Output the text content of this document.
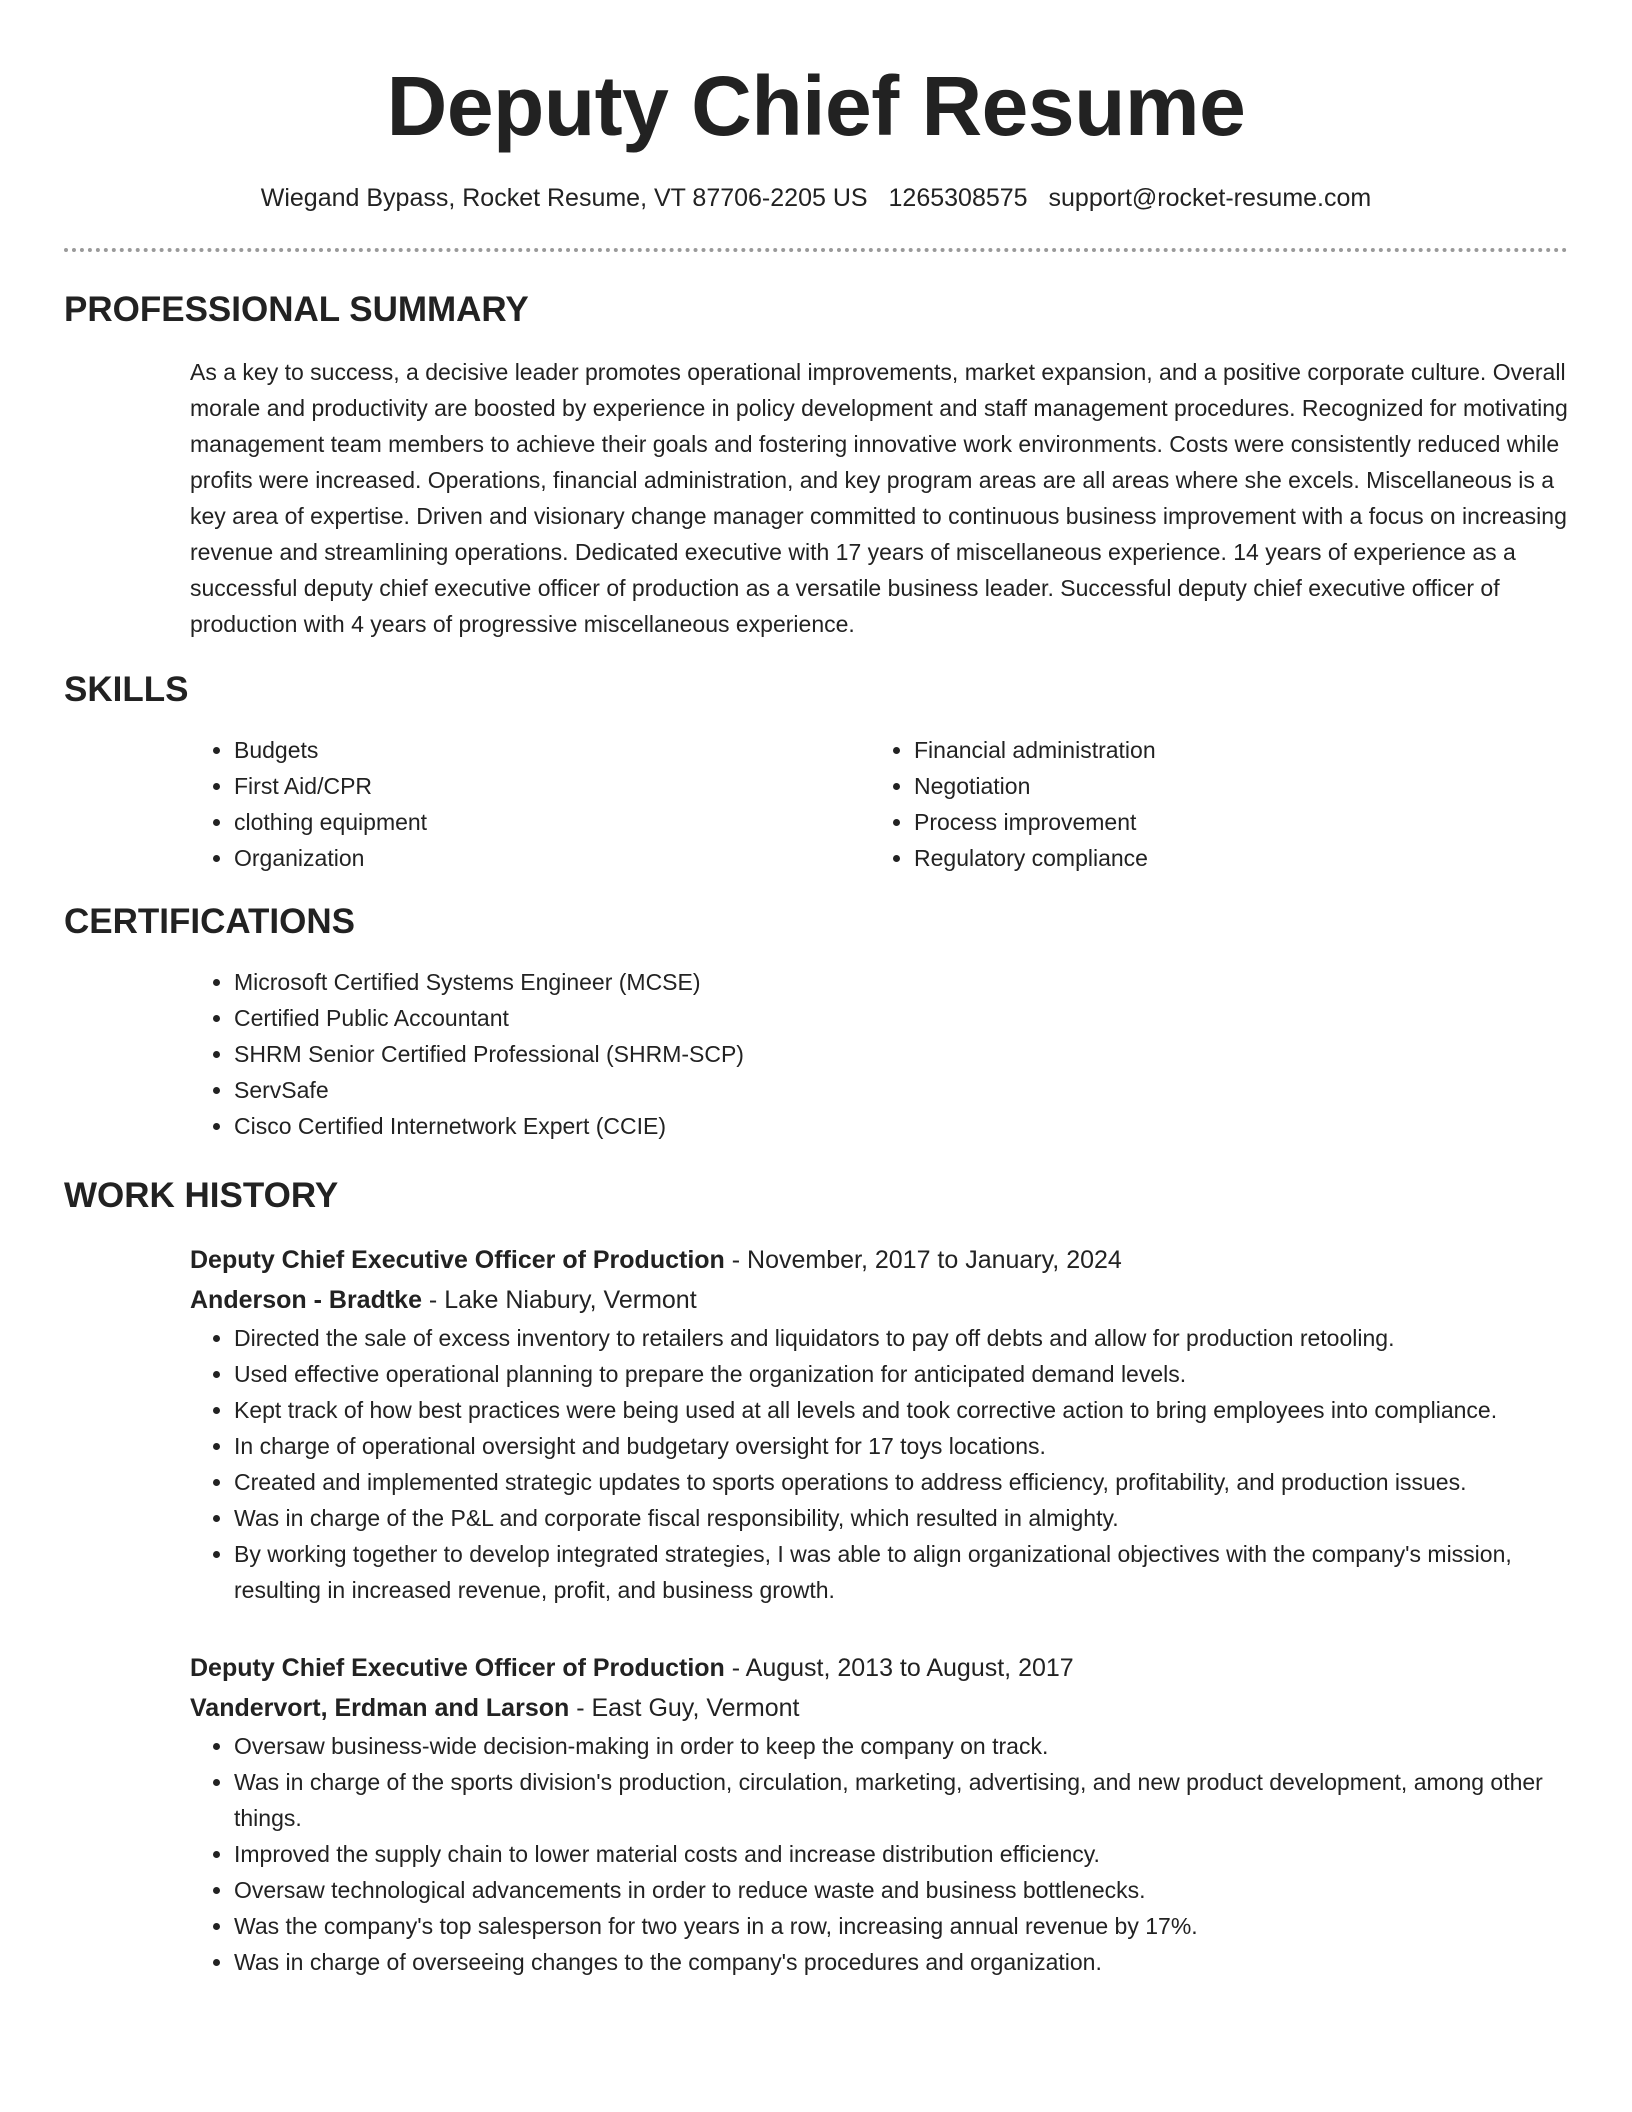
Deputy Chief Resume
Wiegand Bypass, Rocket Resume, VT 87706-2205 US 1265308575 support@rocket-resume.com
PROFESSIONAL SUMMARY
As a key to success, a decisive leader promotes operational improvements, market expansion, and a positive corporate culture. Overall morale and productivity are boosted by experience in policy development and staff management procedures. Recognized for motivating management team members to achieve their goals and fostering innovative work environments. Costs were consistently reduced while profits were increased. Operations, financial administration, and key program areas are all areas where she excels. Miscellaneous is a key area of expertise. Driven and visionary change manager committed to continuous business improvement with a focus on increasing revenue and streamlining operations. Dedicated executive with 17 years of miscellaneous experience. 14 years of experience as a successful deputy chief executive officer of production as a versatile business leader. Successful deputy chief executive officer of production with 4 years of progressive miscellaneous experience.
SKILLS
• Budgets
• First Aid/CPR
• clothing equipment
• Organization
• Financial administration
• Negotiation
• Process improvement
• Regulatory compliance
CERTIFICATIONS
• Microsoft Certified Systems Engineer (MCSE)
• Certified Public Accountant
• SHRM Senior Certified Professional (SHRM-SCP)
• ServSafe
• Cisco Certified Internetwork Expert (CCIE)
WORK HISTORY
Deputy Chief Executive Officer of Production - November, 2017 to January, 2024
Anderson - Bradtke - Lake Niabury, Vermont
• Directed the sale of excess inventory to retailers and liquidators to pay off debts and allow for production retooling.
• Used effective operational planning to prepare the organization for anticipated demand levels.
• Kept track of how best practices were being used at all levels and took corrective action to bring employees into compliance.
• In charge of operational oversight and budgetary oversight for 17 toys locations.
• Created and implemented strategic updates to sports operations to address efficiency, profitability, and production issues.
• Was in charge of the P&L and corporate fiscal responsibility, which resulted in almighty.
• By working together to develop integrated strategies, I was able to align organizational objectives with the company's mission, resulting in increased revenue, profit, and business growth.
Deputy Chief Executive Officer of Production - August, 2013 to August, 2017
Vandervort, Erdman and Larson - East Guy, Vermont
• Oversaw business-wide decision-making in order to keep the company on track.
• Was in charge of the sports division's production, circulation, marketing, advertising, and new product development, among other things.
• Improved the supply chain to lower material costs and increase distribution efficiency.
• Oversaw technological advancements in order to reduce waste and business bottlenecks.
• Was the company's top salesperson for two years in a row, increasing annual revenue by 17%.
• Was in charge of overseeing changes to the company's procedures and organization.
